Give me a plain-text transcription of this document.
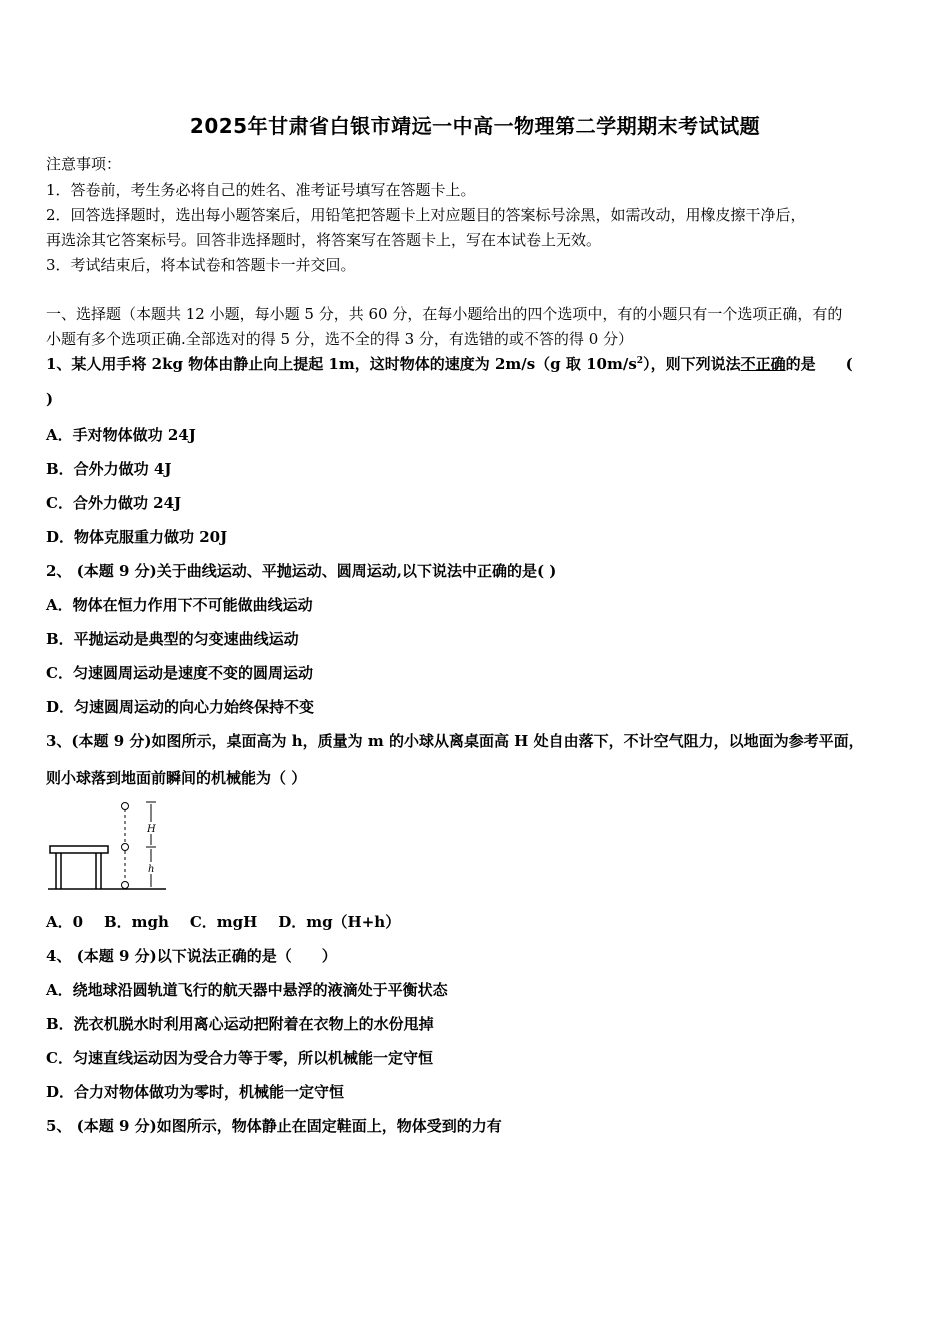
2025年甘肃省白银市靖远一中高一物理第二学期期末考试试题
注意事项：
1．答卷前，考生务必将自己的姓名、准考证号填写在答题卡上。
2．回答选择题时，选出每小题答案后，用铅笔把答题卡上对应题目的答案标号涂黑，如需改动，用橡皮擦干净后，
再选涂其它答案标号。回答非选择题时，将答案写在答题卡上，写在本试卷上无效。
3．考试结束后，将本试卷和答题卡一并交回。
一、选择题（本题共 12 小题，每小题 5 分，共 60 分，在每小题给出的四个选项中，有的小题只有一个选项正确，有的
小题有多个选项正确.全部选对的得 5 分，选不全的得 3 分，有选错的或不答的得 0 分）
1、某人用手将 2kg 物体由静止向上提起 1m，这时物体的速度为 2m/s（g 取 $10m/s^2$），则下列说法不正确的是 (
)
A．手对物体做功 24J
B．合外力做功 4J
C．合外力做功 24J
D．物体克服重力做功 20J
2、 (本题 9 分)关于曲线运动、平抛运动、圆周运动,以下说法中正确的是( )
A．物体在恒力作用下不可能做曲线运动
B．平抛运动是典型的匀变速曲线运动
C．匀速圆周运动是速度不变的圆周运动
D．匀速圆周运动的向心力始终保持不变
3、(本题 9 分)如图所示，桌面高为 h，质量为 m 的小球从离桌面高 H 处自由落下，不计空气阻力，以地面为参考平面，
则小球落到地面前瞬间的机械能为（ ）
H
h
A．0 B．mgh C．mgH D．mg（H+h）
4、 (本题 9 分)以下说法正确的是（　　）
A．绕地球沿圆轨道飞行的航天器中悬浮的液滴处于平衡状态
B．洗衣机脱水时利用离心运动把附着在衣物上的水份甩掉
C．匀速直线运动因为受合力等于零，所以机械能一定守恒
D．合力对物体做功为零时，机械能一定守恒
5、 (本题 9 分)如图所示，物体静止在固定鞋面上，物体受到的力有
